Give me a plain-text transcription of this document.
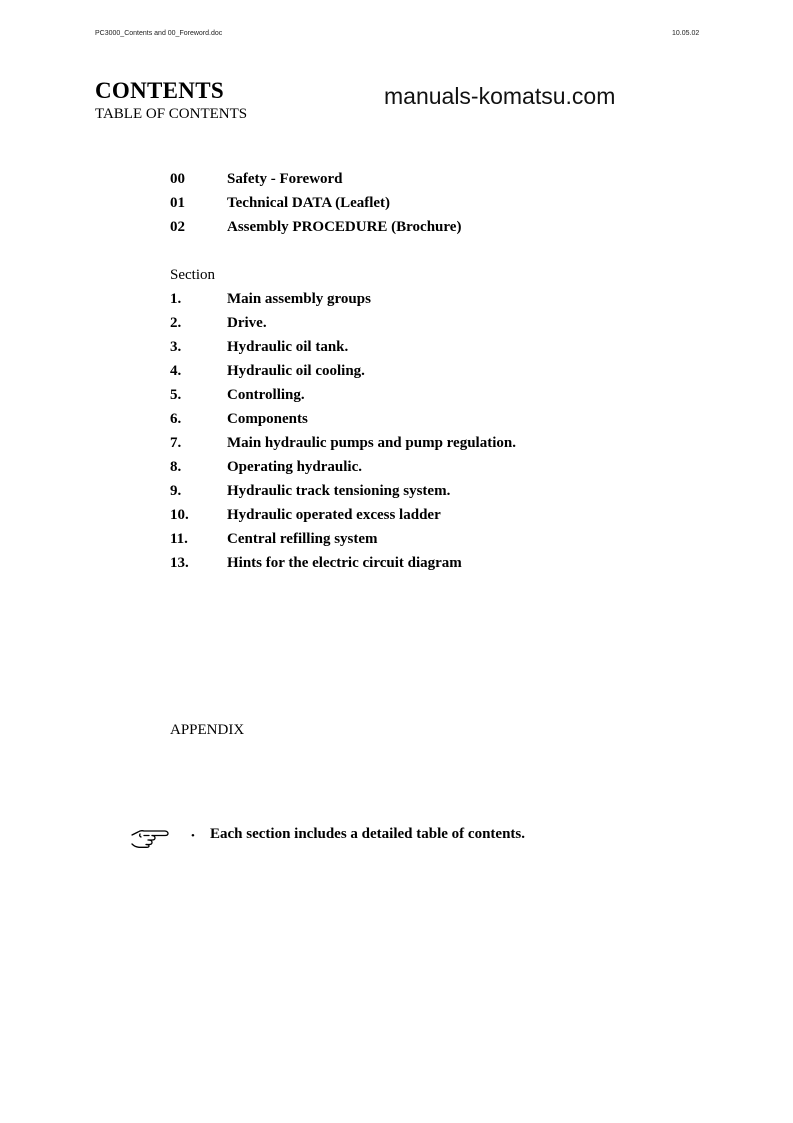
PC3000_Contents and 00_Foreword.doc	10.05.02
CONTENTS
TABLE OF CONTENTS
manuals-komatsu.com
00	Safety - Foreword
01	Technical DATA (Leaflet)
02	Assembly PROCEDURE (Brochure)
Section
1.	Main assembly groups
2.	Drive.
3.	Hydraulic oil tank.
4.	Hydraulic oil cooling.
5.	Controlling.
6.	Components
7.	Main hydraulic pumps and pump regulation.
8.	Operating hydraulic.
9.	Hydraulic track tensioning system.
10.	Hydraulic operated excess ladder
11.	Central refilling system
13.	Hints for the electric circuit diagram
APPENDIX
• Each section includes a detailed table of contents.
